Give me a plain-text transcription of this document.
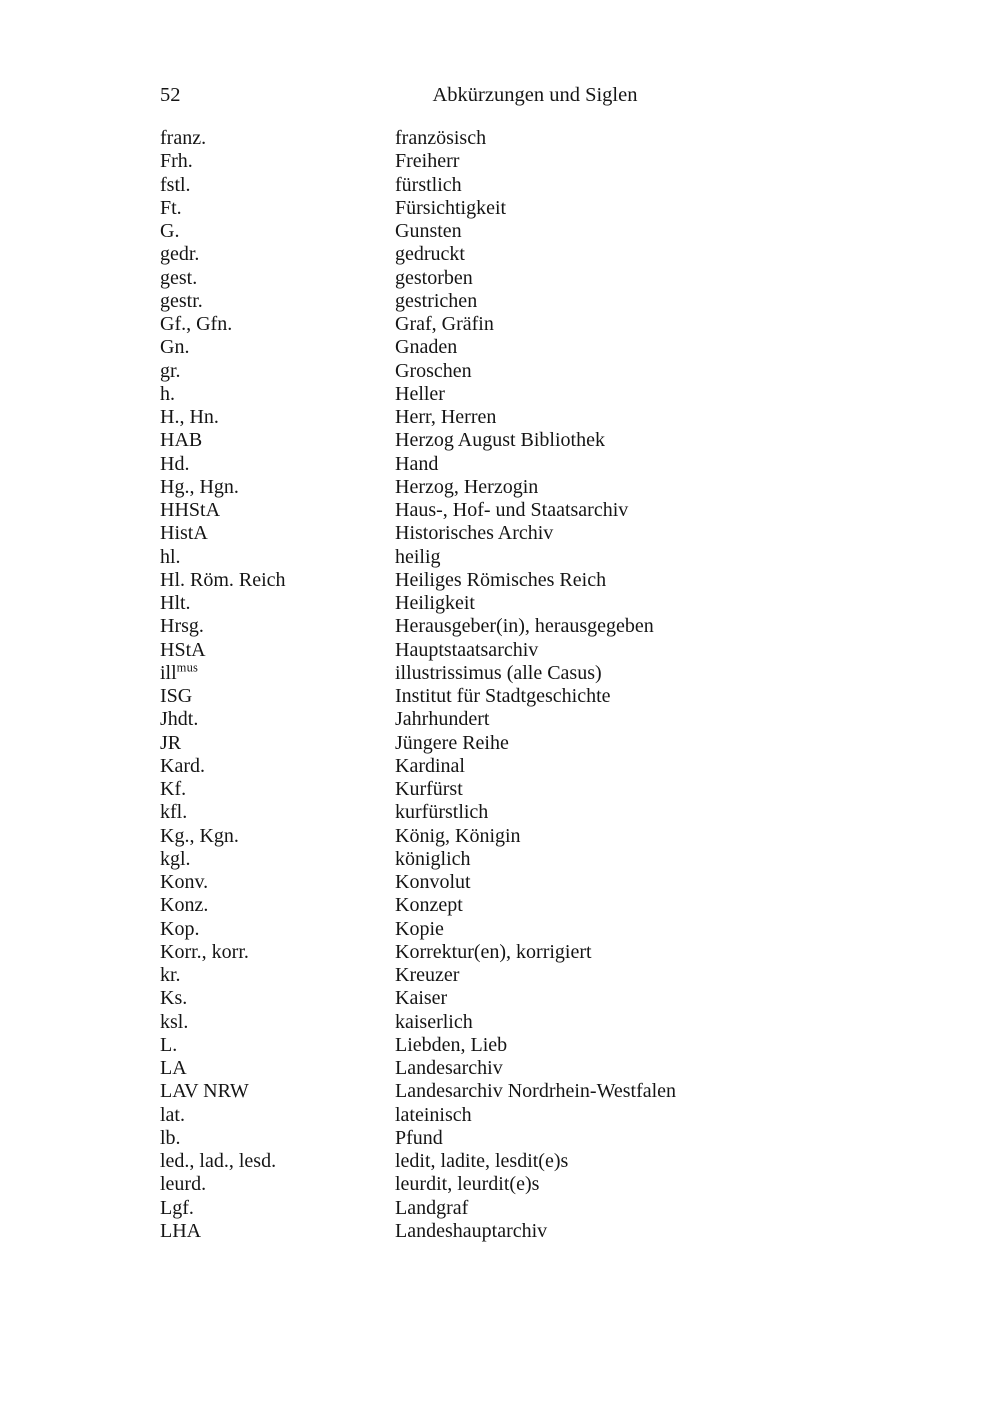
52	Abkürzungen und Siglen
franz.	französisch
Frh.	Freiherr
fstl.	fürstlich
Ft.	Fürsichtigkeit
G.	Gunsten
gedr.	gedruckt
gest.	gestorben
gestr.	gestrichen
Gf., Gfn.	Graf, Gräfin
Gn.	Gnaden
gr.	Groschen
h.	Heller
H., Hn.	Herr, Herren
HAB	Herzog August Bibliothek
Hd.	Hand
Hg., Hgn.	Herzog, Herzogin
HHStA	Haus-, Hof- und Staatsarchiv
HistA	Historisches Archiv
hl.	heilig
Hl. Röm. Reich	Heiliges Römisches Reich
Hlt.	Heiligkeit
Hrsg.	Herausgeber(in), herausgegeben
HStA	Hauptstaatsarchiv
ill$^{mus}$	illustrissimus (alle Casus)
ISG	Institut für Stadtgeschichte
Jhdt.	Jahrhundert
JR	Jüngere Reihe
Kard.	Kardinal
Kf.	Kurfürst
kfl.	kurfürstlich
Kg., Kgn.	König, Königin
kgl.	königlich
Konv.	Konvolut
Konz.	Konzept
Kop.	Kopie
Korr., korr.	Korrektur(en), korrigiert
kr.	Kreuzer
Ks.	Kaiser
ksl.	kaiserlich
L.	Liebden, Lieb
LA	Landesarchiv
LAV NRW	Landesarchiv Nordrhein-Westfalen
lat.	lateinisch
lb.	Pfund
led., lad., lesd.	ledit, ladite, lesdit(e)s
leurd.	leurdit, leurdit(e)s
Lgf.	Landgraf
LHA	Landeshauptarchiv
